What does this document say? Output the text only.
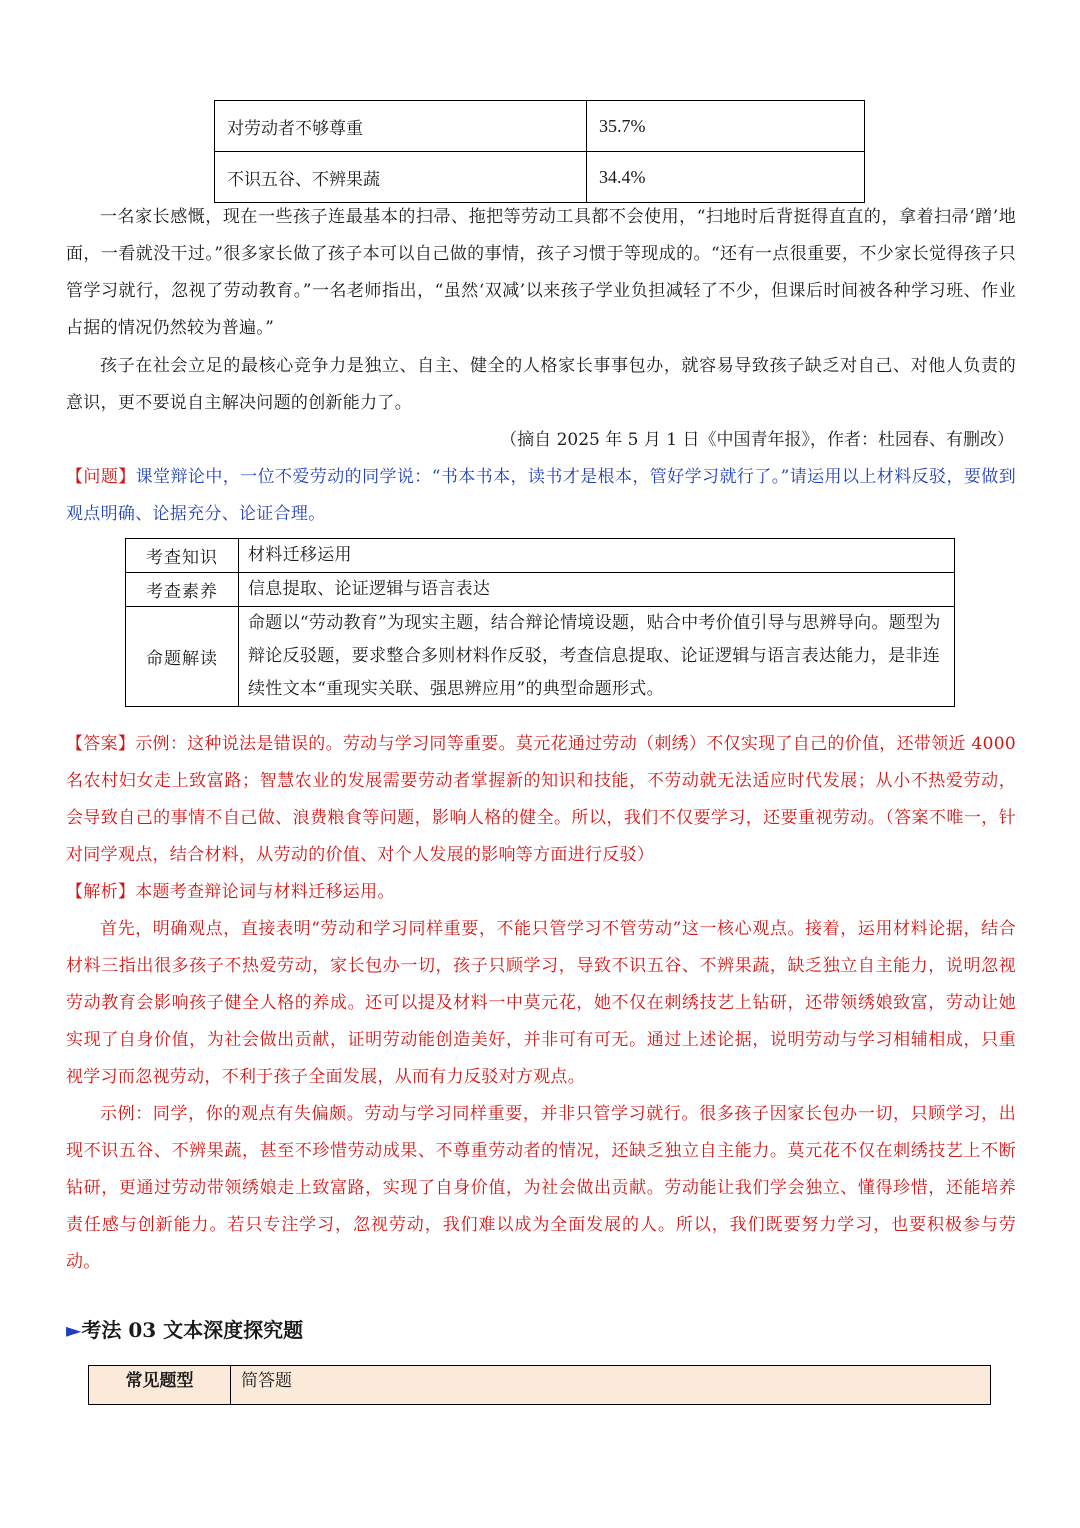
对劳动者不够尊重	35.7%
不识五谷、不辨果蔬	34.4%
一名家长感慨，现在一些孩子连最基本的扫帚、拖把等劳动工具都不会使用，“扫地时后背挺得直直的，拿着扫帚‘蹭’地面，一看就没干过。”很多家长做了孩子本可以自己做的事情，孩子习惯于等现成的。“还有一点很重要，不少家长觉得孩子只管学习就行，忽视了劳动教育。”一名老师指出，“虽然‘双减’以来孩子学业负担减轻了不少，但课后时间被各种学习班、作业占据的情况仍然较为普遍。”
孩子在社会立足的最核心竞争力是独立、自主、健全的人格家长事事包办，就容易导致孩子缺乏对自己、对他人负责的意识，更不要说自主解决问题的创新能力了。
（摘自 2025 年 5 月 1 日《中国青年报》，作者：杜园春、有删改）
【问题】课堂辩论中，一位不爱劳动的同学说：“书本书本，读书才是根本，管好学习就行了。”请运用以上材料反驳，要做到观点明确、论据充分、论证合理。
考查知识	材料迁移运用
考查素养	信息提取、论证逻辑与语言表达
命题解读	命题以“劳动教育”为现实主题，结合辩论情境设题，贴合中考价值引导与思辨导向。题型为辩论反驳题，要求整合多则材料作反驳，考查信息提取、论证逻辑与语言表达能力，是非连续性文本“重现实关联、强思辨应用”的典型命题形式。
【答案】示例：这种说法是错误的。劳动与学习同等重要。莫元花通过劳动（刺绣）不仅实现了自己的价值，还带领近 4000 名农村妇女走上致富路；智慧农业的发展需要劳动者掌握新的知识和技能，不劳动就无法适应时代发展；从小不热爱劳动，会导致自己的事情不自己做、浪费粮食等问题，影响人格的健全。所以，我们不仅要学习，还要重视劳动。（答案不唯一，针对同学观点，结合材料，从劳动的价值、对个人发展的影响等方面进行反驳）
【解析】本题考查辩论词与材料迁移运用。
首先，明确观点，直接表明“劳动和学习同样重要，不能只管学习不管劳动”这一核心观点。接着，运用材料论据，结合材料三指出很多孩子不热爱劳动，家长包办一切，孩子只顾学习，导致不识五谷、不辨果蔬，缺乏独立自主能力，说明忽视劳动教育会影响孩子健全人格的养成。还可以提及材料一中莫元花，她不仅在刺绣技艺上钻研，还带领绣娘致富，劳动让她实现了自身价值，为社会做出贡献，证明劳动能创造美好，并非可有可无。通过上述论据，说明劳动与学习相辅相成，只重视学习而忽视劳动，不利于孩子全面发展，从而有力反驳对方观点。
示例：同学，你的观点有失偏颇。劳动与学习同样重要，并非只管学习就行。很多孩子因家长包办一切，只顾学习，出现不识五谷、不辨果蔬，甚至不珍惜劳动成果、不尊重劳动者的情况，还缺乏独立自主能力。莫元花不仅在刺绣技艺上不断钻研，更通过劳动带领绣娘走上致富路，实现了自身价值，为社会做出贡献。劳动能让我们学会独立、懂得珍惜，还能培养责任感与创新能力。若只专注学习，忽视劳动，我们难以成为全面发展的人。所以，我们既要努力学习，也要积极参与劳动。
►考法 03 文本深度探究题
常见题型	简答题
